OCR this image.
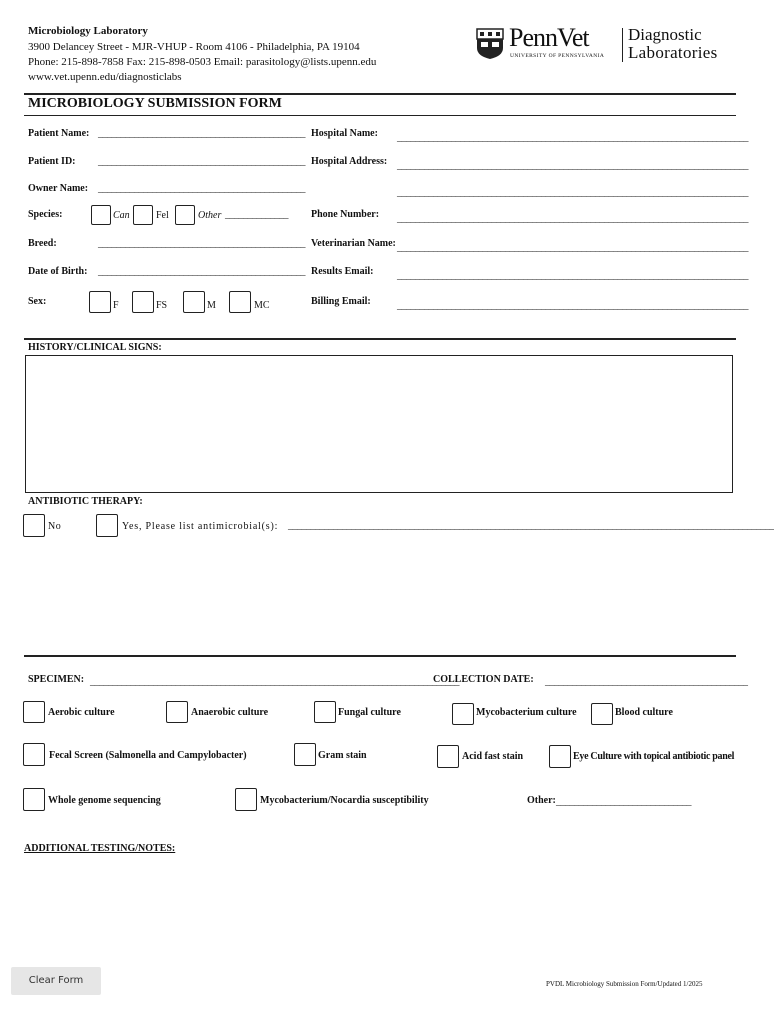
Microbiology Laboratory
3900 Delancey Street - MJR-VHUP - Room 4106 - Philadelphia, PA 19104
Phone: 215-898-7858 Fax: 215-898-0503 Email: parasitology@lists.upenn.edu
www.vet.upenn.edu/diagnosticlabs
PennVet
UNIVERSITY OF PENNSYLVANIA
Diagnostic
Laboratories
MICROBIOLOGY SUBMISSION FORM
Patient Name: ______________________________________________
Patient ID: ______________________________________________
Owner Name: ______________________________________________
Species:	Can	Fel	Other ______________
Breed:	______________________________________________
Date of Birth: ______________________________________________
Sex:	F	FS	M	MC
Hospital Name: ______________________________________________________________________________
Hospital Address: ______________________________________________________________________________
______________________________________________________________________________
Phone Number: ______________________________________________________________________________
Veterinarian Name: ______________________________________________________________________________
Results Email: ______________________________________________________________________________
Billing Email:	______________________________________________________________________________
HISTORY/CLINICAL SIGNS:
ANTIBIOTIC THERAPY:
No	Yes, Please list antimicrobial(s): ____________________________________________________________________________________________________________
SPECIMEN: __________________________________________________________________________________
COLLECTION DATE: _____________________________________________
Aerobic culture	Anaerobic culture	Fungal culture	Mycobacterium culture	Blood culture
Fecal Screen (Salmonella and Campylobacter)	Gram stain	Acid fast stain	Eye Culture with topical antibiotic panel
Whole genome sequencing	Mycobacterium/Nocardia susceptibility	Other: ______________________________
ADDITIONAL TESTING/NOTES:
Clear Form	PVDL Microbiology Submission Form/Updated 1/2025
